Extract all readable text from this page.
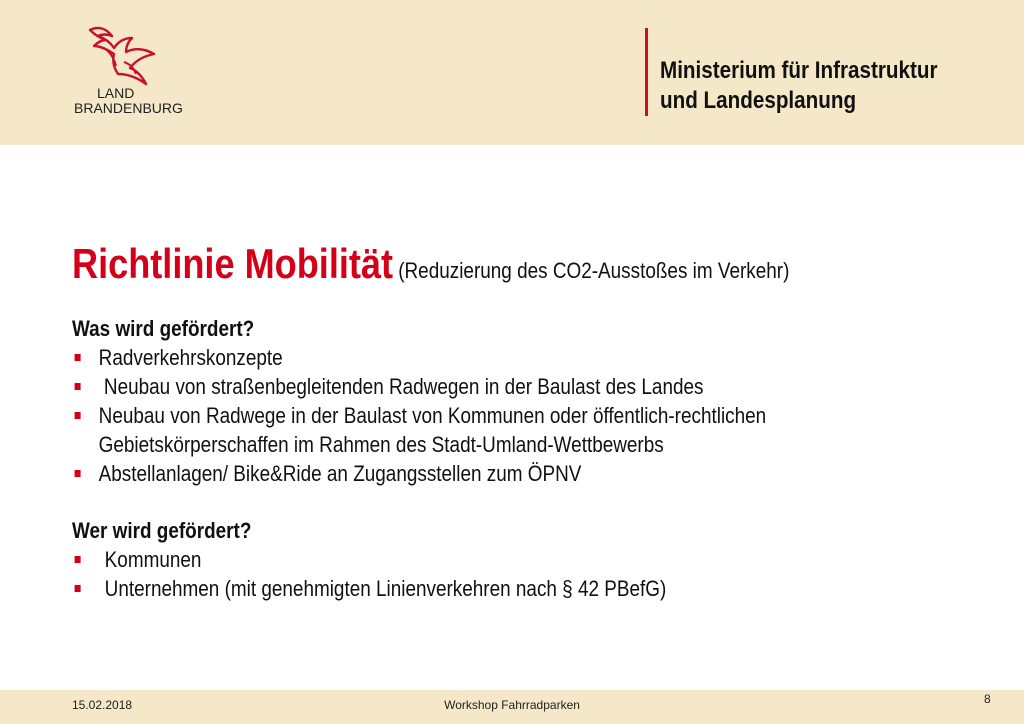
LAND
BRANDENBURG
Ministerium für Infrastruktur
und Landesplanung
Richtlinie Mobilität (Reduzierung des CO2-Ausstoßes im Verkehr)
Was wird gefördert?
Radverkehrskonzepte
Neubau von straßenbegleitenden Radwegen in der Baulast des Landes
Neubau von Radwege in der Baulast von Kommunen oder öffentlich-rechtlichen
Gebietskörperschaffen im Rahmen des Stadt-Umland-Wettbewerbs
Abstellanlagen/ Bike&Ride an Zugangsstellen zum ÖPNV
Wer wird gefördert?
Kommunen
Unternehmen (mit genehmigten Linienverkehren nach § 42 PBefG)
15.02.2018	Workshop Fahrradparken	8
